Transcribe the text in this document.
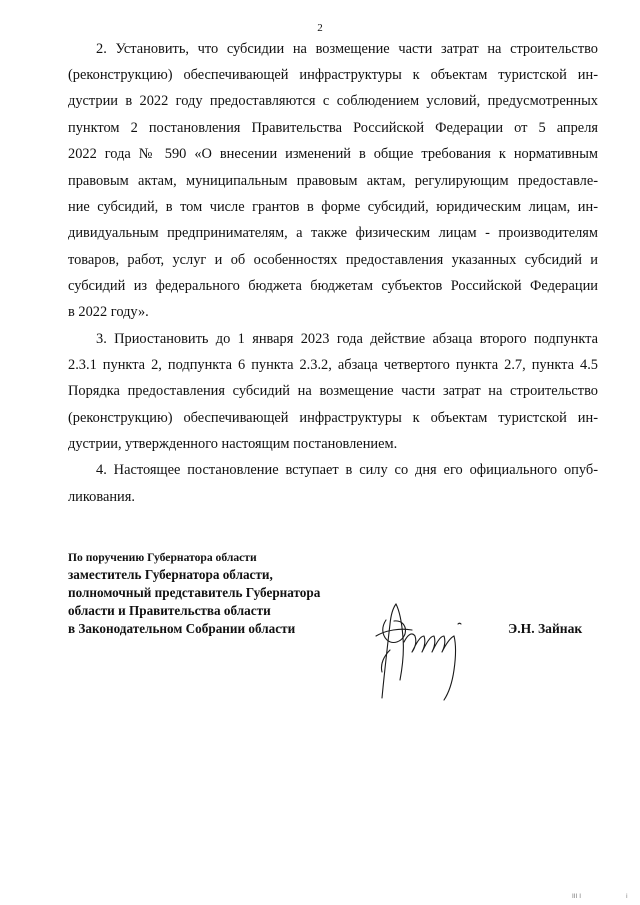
2
2. Установить, что субсидии на возмещение части затрат на строительство
(реконструкцию) обеспечивающей инфраструктуры к объектам туристской ин-
дустрии в 2022 году предоставляются с соблюдением условий, предусмотренных
пунктом 2 постановления Правительства Российской Федерации от 5 апреля
2022 года № 590 «О внесении изменений в общие требования к нормативным
правовым актам, муниципальным правовым актам, регулирующим предоставле-
ние субсидий, в том числе грантов в форме субсидий, юридическим лицам, ин-
дивидуальным предпринимателям, а также физическим лицам - производителям
товаров, работ, услуг и об особенностях предоставления указанных субсидий и
субсидий из федерального бюджета бюджетам субъектов Российской Федерации
в 2022 году».
3. Приостановить до 1 января 2023 года действие абзаца второго подпункта
2.3.1 пункта 2, подпункта 6 пункта 2.3.2, абзаца четвертого пункта 2.7, пункта 4.5
Порядка предоставления субсидий на возмещение части затрат на строительство
(реконструкцию) обеспечивающей инфраструктуры к объектам туристской ин-
дустрии, утвержденного настоящим постановлением.
4. Настоящее постановление вступает в силу со дня его официального опуб-
ликования.
По поручению Губернатора области
заместитель Губернатора области,
полномочный представитель Губернатора
области и Правительства области
в Законодательном Собрании области	Э.Н. Зайнак
ІІІ І	і
